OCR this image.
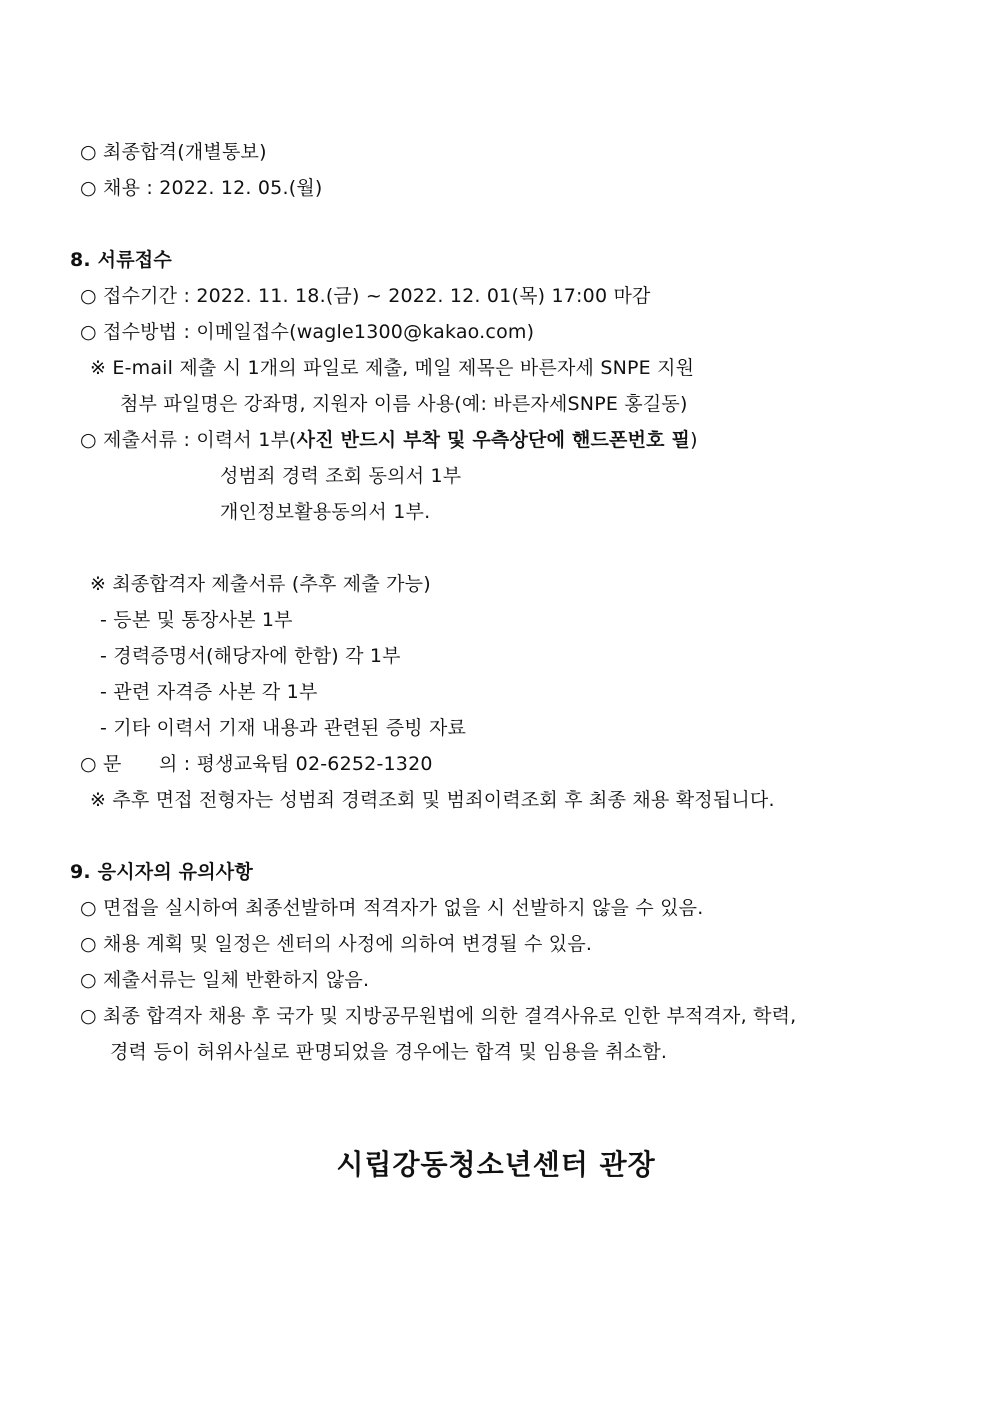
○ 최종합격(개별통보)
○ 채용 : 2022. 12. 05.(월)
8. 서류접수
○ 접수기간 : 2022. 11. 18.(금) ~ 2022. 12. 01(목) 17:00 마감
○ 접수방법 : 이메일접수(wagle1300@kakao.com)
※ E-mail 제출 시 1개의 파일로 제출, 메일 제목은 바른자세 SNPE 지원
첨부 파일명은 강좌명, 지원자 이름 사용(예: 바른자세SNPE 홍길동)
○ 제출서류 : 이력서 1부(사진 반드시 부착 및 우측상단에 핸드폰번호 필)
성범죄 경력 조회 동의서 1부
개인정보활용동의서 1부.
※ 최종합격자 제출서류 (추후 제출 가능)
- 등본 및 통장사본 1부
- 경력증명서(해당자에 한함) 각 1부
- 관련 자격증 사본 각 1부
- 기타 이력서 기재 내용과 관련된 증빙 자료
○ 문      의 : 평생교육팀 02-6252-1320
※ 추후 면접 전형자는 성범죄 경력조회 및 범죄이력조회 후 최종 채용 확정됩니다.
9. 응시자의 유의사항
○ 면접을 실시하여 최종선발하며 적격자가 없을 시 선발하지 않을 수 있음.
○ 채용 계획 및 일정은 센터의 사정에 의하여 변경될 수 있음.
○ 제출서류는 일체 반환하지 않음.
○ 최종 합격자 채용 후 국가 및 지방공무원법에 의한 결격사유로 인한 부적격자, 학력,
경력 등이 허위사실로 판명되었을 경우에는 합격 및 임용을 취소함.
시립강동청소년센터 관장
